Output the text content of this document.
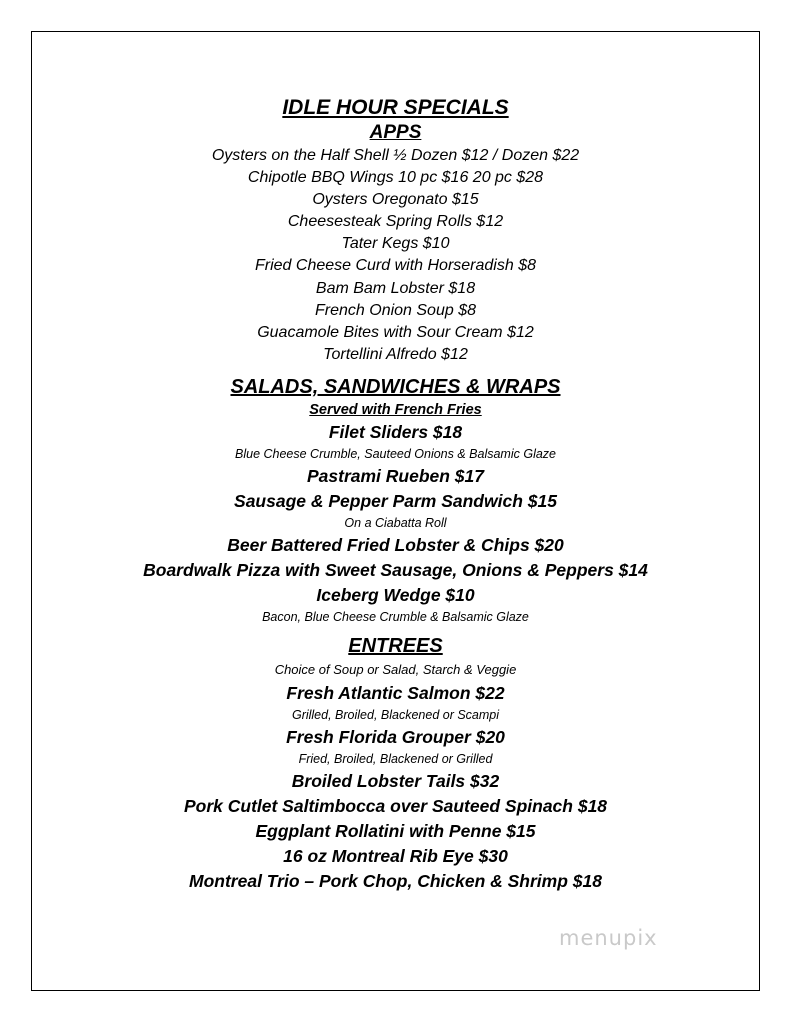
IDLE HOUR SPECIALS
APPS
Oysters on the Half Shell ½ Dozen $12 / Dozen $22
Chipotle BBQ Wings 10 pc $16 20 pc $28
Oysters Oregonato $15
Cheesesteak Spring Rolls $12
Tater Kegs $10
Fried Cheese Curd with Horseradish $8
Bam Bam Lobster $18
French Onion Soup $8
Guacamole Bites with Sour Cream $12
Tortellini Alfredo $12
SALADS, SANDWICHES & WRAPS
Served with French Fries
Filet Sliders $18
Blue Cheese Crumble, Sauteed Onions & Balsamic Glaze
Pastrami Rueben $17
Sausage & Pepper Parm Sandwich $15
On a Ciabatta Roll
Beer Battered Fried Lobster & Chips $20
Boardwalk Pizza with Sweet Sausage, Onions & Peppers $14
Iceberg Wedge $10
Bacon, Blue Cheese Crumble & Balsamic Glaze
ENTREES
Choice of Soup or Salad, Starch & Veggie
Fresh Atlantic Salmon $22
Grilled, Broiled, Blackened or Scampi
Fresh Florida Grouper $20
Fried, Broiled, Blackened or Grilled
Broiled Lobster Tails $32
Pork Cutlet Saltimbocca over Sauteed Spinach $18
Eggplant Rollatini with Penne $15
16 oz Montreal Rib Eye $30
Montreal Trio – Pork Chop, Chicken & Shrimp $18
menupix
